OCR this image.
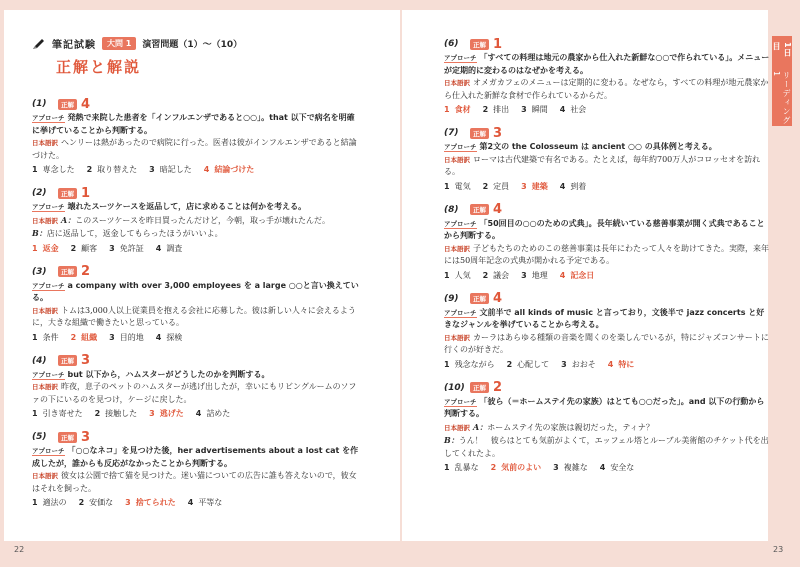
1日目
リーディング1
筆記試験	大問 1	演習問題（1）～（10）
正解と解説
(1)	正解 4
アプローチ 発熱で来院した患者を「インフルエンザであると○○」。that 以下で病名を明確に挙げていることから判断する。
日本語訳 ヘンリーは熱があったので病院に行った。医者は彼がインフルエンザであると結論づけた。
1 専念した 2 取り替えた 3 暗記した 4 結論づけた
(2)	正解 1
アプローチ 壊れたスーツケースを返品して，店に求めることは何かを考える。
日本語訳 A：このスーツケースを昨日買ったんだけど，今朝，取っ手が壊れたんだ。
B：店に返品して，返金してもらったほうがいいよ。
1 返金 2 顧客 3 免許証 4 調査
(3)	正解 2
アプローチ a company with over 3,000 employees を a large ○○と言い換えている。
日本語訳 トムは3,000人以上従業員を抱える会社に応募した。彼は新しい人々に会えるように，大きな組織で働きたいと思っている。
1 条件 2 組織 3 目的地 4 探検
(4)	正解 3
アプローチ but 以下から，ハムスターがどうしたのかを判断する。
日本語訳 昨夜，息子のペットのハムスターが逃げ出したが，幸いにもリビングルームのソファの下にいるのを見つけ，ケージに戻した。
1 引き寄せた 2 接触した 3 逃げた 4 詰めた
(5)	正解 3
アプローチ 「○○なネコ」を見つけた後，her advertisements about a lost cat を作成したが，誰からも反応がなかったことから判断する。
日本語訳 彼女は公園で捨て猫を見つけた。迷い猫についての広告に誰も答えないので，彼女はそれを飼った。
1 適法の 2 安価な 3 捨てられた 4 平等な
(6)	正解 1
アプローチ 「すべての料理は地元の農家から仕入れた新鮮な○○で作られている」。メニューが定期的に変わるのはなぜかを考える。
日本語訳 オメガカフェのメニューは定期的に変わる。なぜなら，すべての料理が地元農家から仕入れた新鮮な食材で作られているからだ。
1 食材 2 排出 3 瞬間 4 社会
(7)	正解 3
アプローチ 第2文の the Colosseum は ancient ○○ の具体例と考える。
日本語訳 ローマは古代建築で有名である。たとえば，毎年約700万人がコロッセオを訪れる。
1 電気 2 定員 3 建築 4 到着
(8)	正解 4
アプローチ 「50回目の○○のための式典」。長年続いている慈善事業が開く式典であることから判断する。
日本語訳 子どもたちのためのこの慈善事業は長年にわたって人々を助けてきた。実際，来年には50周年記念の式典が開かれる予定である。
1 人気 2 議会 3 地理 4 記念日
(9)	正解 4
アプローチ 文前半で all kinds of music と言っており，文後半で jazz concerts と好きなジャンルを挙げていることから考える。
日本語訳 カーラはあらゆる種類の音楽を聞くのを楽しんでいるが，特にジャズコンサートに行くのが好きだ。
1 残念ながら 2 心配して 3 おおそ 4 特に
(10)	正解 2
アプローチ 「彼ら（＝ホームステイ先の家族）はとても○○だった」。and 以下の行動から判断する。
日本語訳 A：ホームステイ先の家族は親切だった，ティナ？
B：うん！　彼らはとても気前がよくて，エッフェル塔とルーブル美術館のチケット代を出してくれたよ。
1 乱暴な 2 気前のよい 3 複雑な 4 安全な
22	23
